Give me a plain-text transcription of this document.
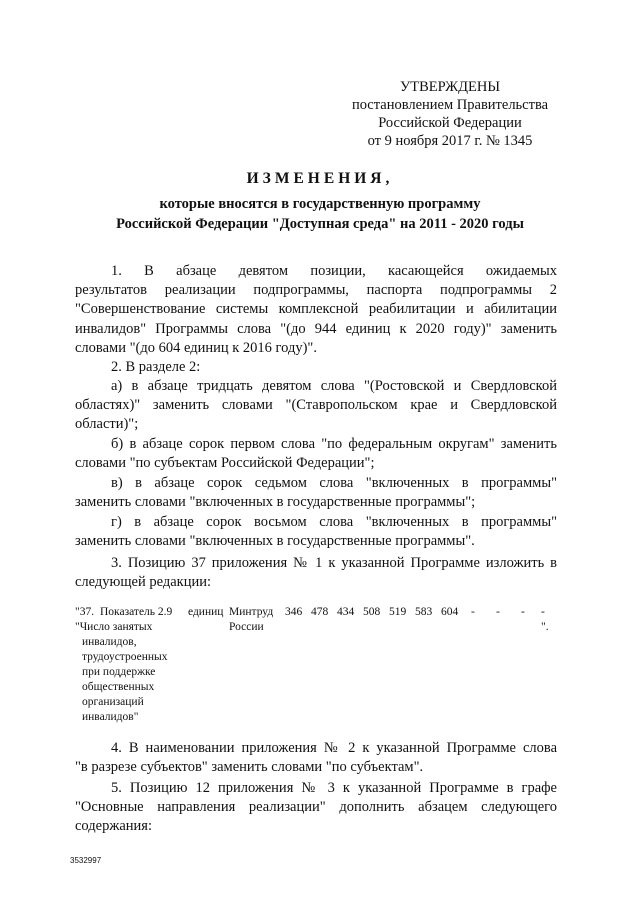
УТВЕРЖДЕНЫ
постановлением Правительства
Российской Федерации
от 9 ноября 2017 г. № 1345
ИЗМЕНЕНИЯ,
которые вносятся в государственную программу
Российской Федерации "Доступная среда" на 2011 - 2020 годы
1. В абзаце девятом позиции, касающейся ожидаемых
результатов реализации подпрограммы, паспорта подпрограммы 2
"Совершенствование системы комплексной реабилитации и абилитации
инвалидов" Программы слова "(до 944 единиц к 2020 году)" заменить
словами "(до 604 единиц к 2016 году)".
2. В разделе 2:
а) в абзаце тридцать девятом слова "(Ростовской и Свердловской
областях)" заменить словами "(Ставропольском крае и Свердловской
области)";
б) в абзаце сорок первом слова "по федеральным округам" заменить
словами "по субъектам Российской Федерации";
в) в абзаце сорок седьмом слова "включенных в программы"
заменить словами "включенных в государственные программы";
г) в абзаце сорок восьмом слова "включенных в программы"
заменить словами "включенных в государственные программы".
3. Позицию 37 приложения № 1 к указанной Программе изложить в
следующей редакции:
"37. Показатель 2.9
"Число занятых
инвалидов,
трудоустроенных
при поддержке
общественных
организаций
инвалидов"
единиц Минтруд
России
346 478 434 508 519 583 604 - - - -".
4. В наименовании приложения № 2 к указанной Программе слова
"в разрезе субъектов" заменить словами "по субъектам".
5. Позицию 12 приложения № 3 к указанной Программе в графе
"Основные направления реализации" дополнить абзацем следующего
содержания:
3532997
